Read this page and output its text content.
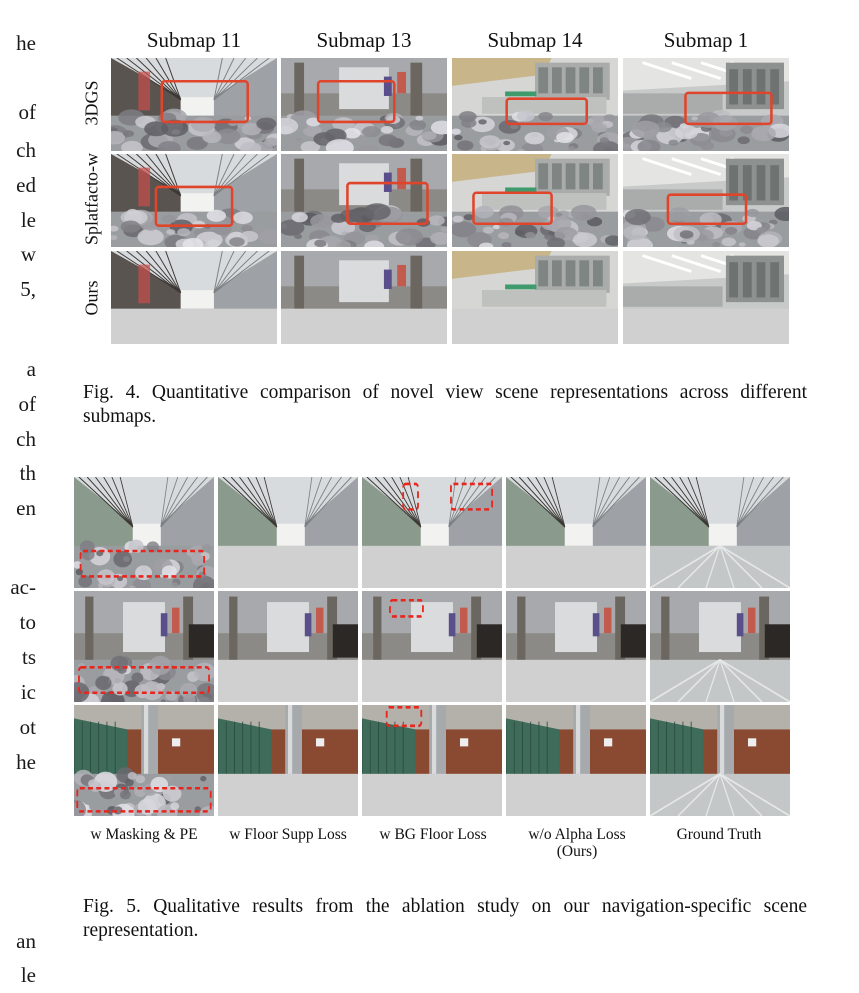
he
of
ch
ed
le
w
5,
a
of
ch
th
en
ac-
to
ts
ic
ot
he
an
le
Submap 11	Submap 13	Submap 14	Submap 1
3DGS
Splatfacto-w
Ours
Fig. 4. Quantitative comparison of novel view scene representations across different submaps.
w Masking & PE	w Floor Supp Loss	w BG Floor Loss	w/o Alpha Loss
(Ours)
Ground Truth
Fig. 5. Qualitative results from the ablation study on our navigation-specific scene representation.
